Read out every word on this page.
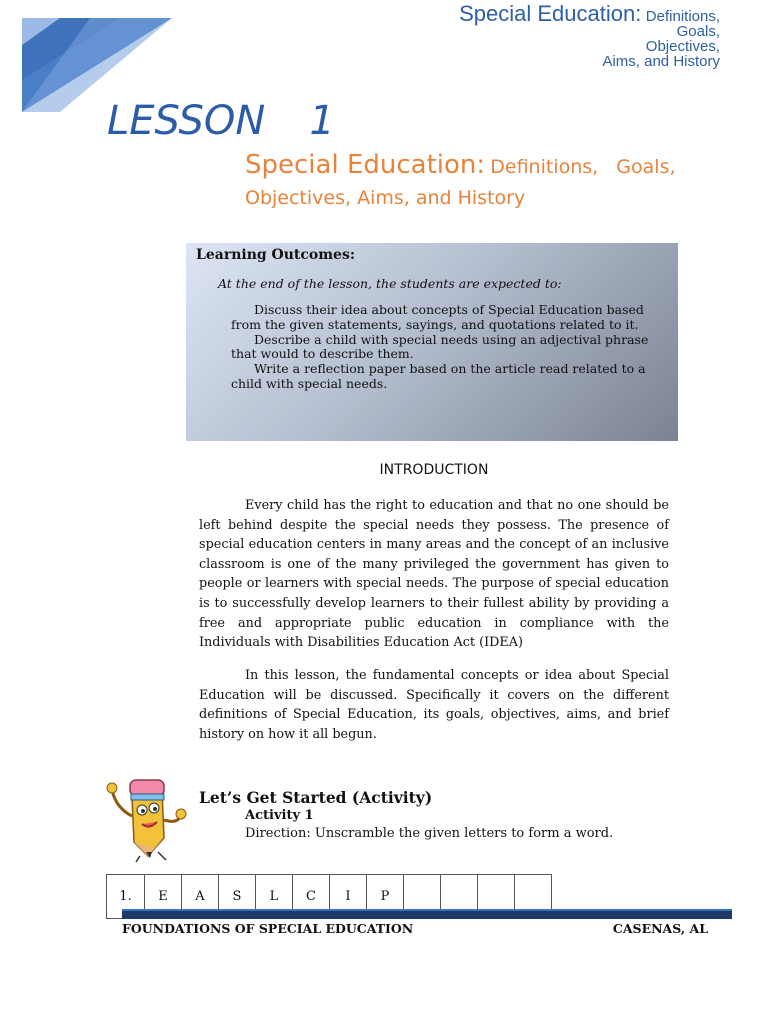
Special Education: Definitions,
Goals,
Objectives,
Aims, and History
LESSON 1
Special Education: Definitions,   Goals,
Objectives, Aims, and History
Learning Outcomes:
At the end of the lesson, the students are expected to:
Discuss their idea about concepts of Special Education based from the given statements, sayings, and quotations related to it.
Describe a child with special needs using an adjectival phrase that would to describe them.
Write a reflection paper based on the article read related to a child with special needs.
INTRODUCTION
Every child has the right to education and that no one should be left behind despite the special needs they possess. The presence of special education centers in many areas and the concept of an inclusive classroom is one of the many privileged the government has given to people or learners with special needs. The purpose of special education is to successfully develop learners to their fullest ability by providing a free and appropriate public education in compliance with the Individuals with Disabilities Education Act (IDEA)
In this lesson, the fundamental concepts or idea about Special Education will be discussed. Specifically it covers on the different definitions of Special Education, its goals, objectives, aims, and brief history on how it all begun.
Let’s Get Started (Activity)
Activity 1
Direction: Unscramble the given letters to form a word.
1.	E	A	S	L	C	I	P				
FOUNDATIONS OF SPECIAL EDUCATION	CASENAS, AL
